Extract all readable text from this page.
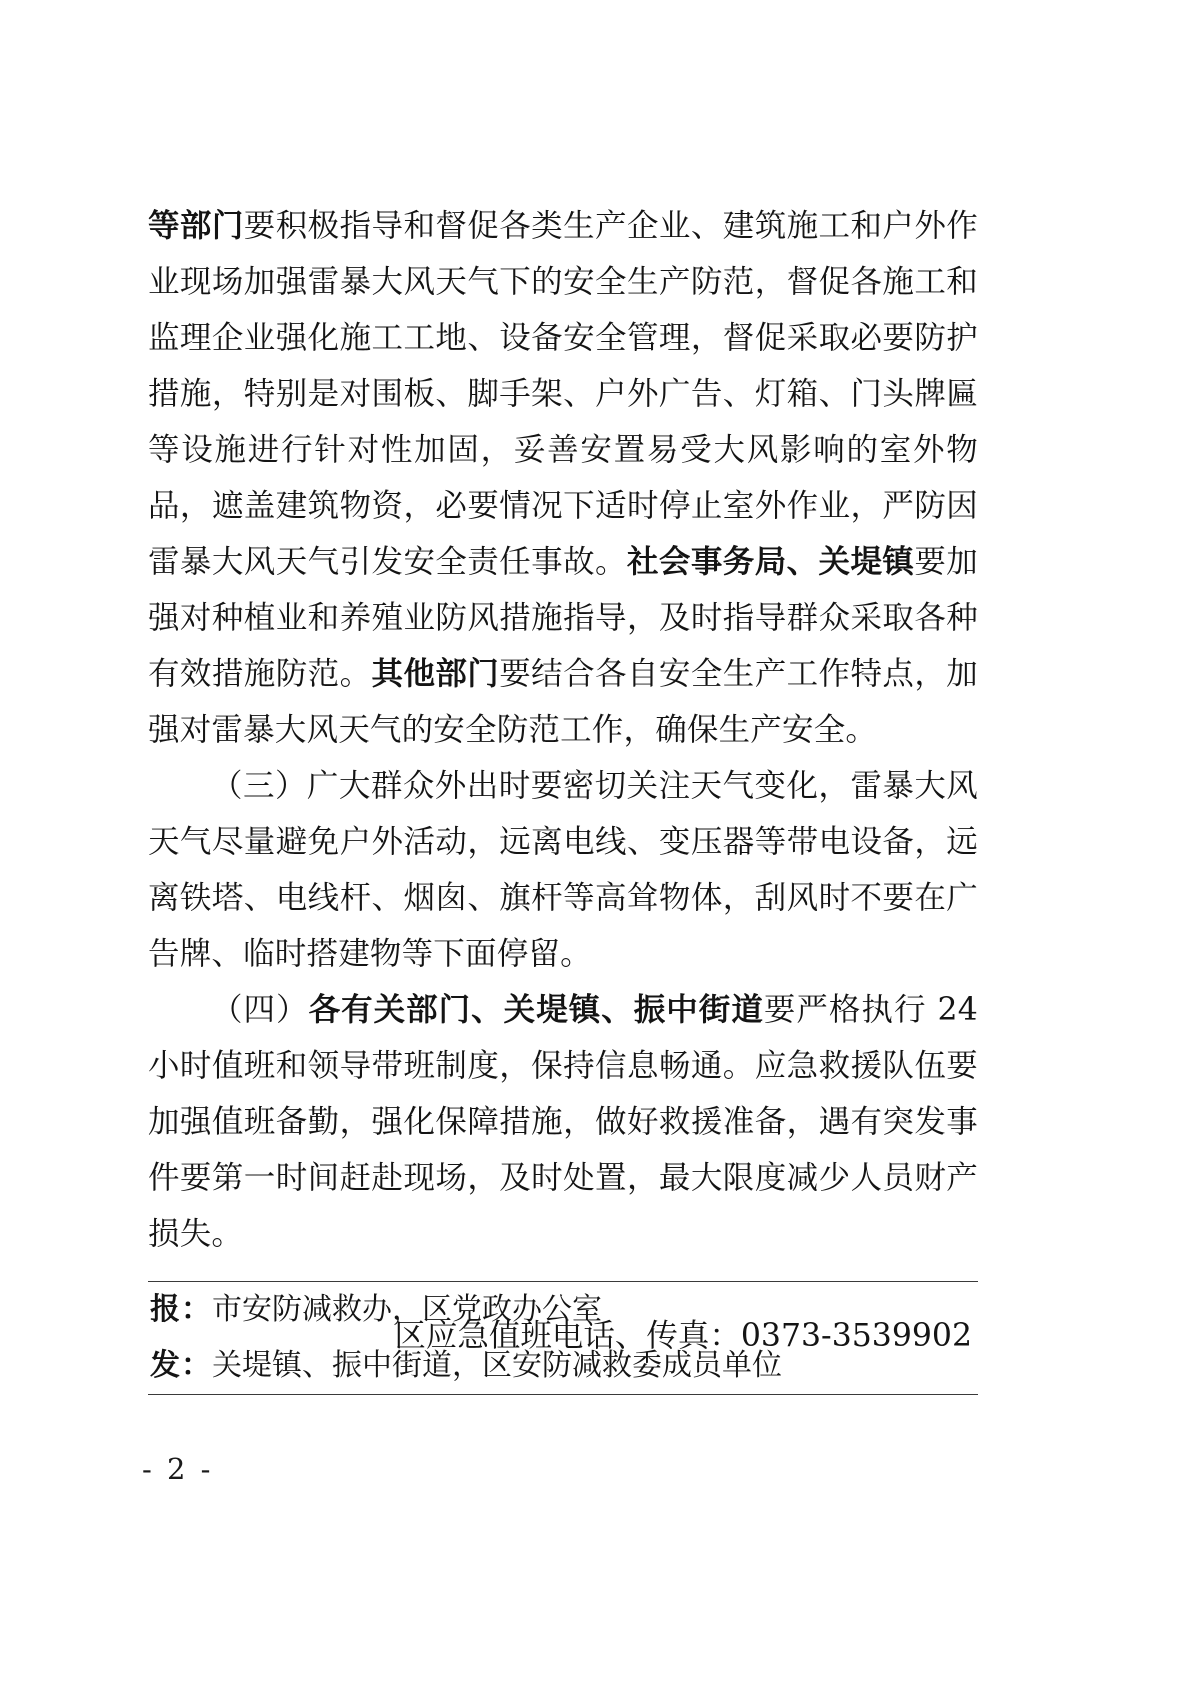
等部门要积极指导和督促各类生产企业、建筑施工和户外作业现场加强雷暴大风天气下的安全生产防范，督促各施工和监理企业强化施工工地、设备安全管理，督促采取必要防护措施，特别是对围板、脚手架、户外广告、灯箱、门头牌匾等设施进行针对性加固，妥善安置易受大风影响的室外物品，遮盖建筑物资，必要情况下适时停止室外作业，严防因雷暴大风天气引发安全责任事故。社会事务局、关堤镇要加强对种植业和养殖业防风措施指导，及时指导群众采取各种有效措施防范。其他部门要结合各自安全生产工作特点，加强对雷暴大风天气的安全防范工作，确保生产安全。

（三）广大群众外出时要密切关注天气变化，雷暴大风天气尽量避免户外活动，远离电线、变压器等带电设备，远离铁塔、电线杆、烟囱、旗杆等高耸物体，刮风时不要在广告牌、临时搭建物等下面停留。

（四）各有关部门、关堤镇、振中街道要严格执行 24 小时值班和领导带班制度，保持信息畅通。应急救援队伍要加强值班备勤，强化保障措施，做好救援准备，遇有突发事件要第一时间赶赴现场，及时处置，最大限度减少人员财产损失。

区应急值班电话、传真：0373-3539902
报：市安防减救办，区党政办公室
发：关堤镇、振中街道，区安防减救委成员单位
- 2 -
